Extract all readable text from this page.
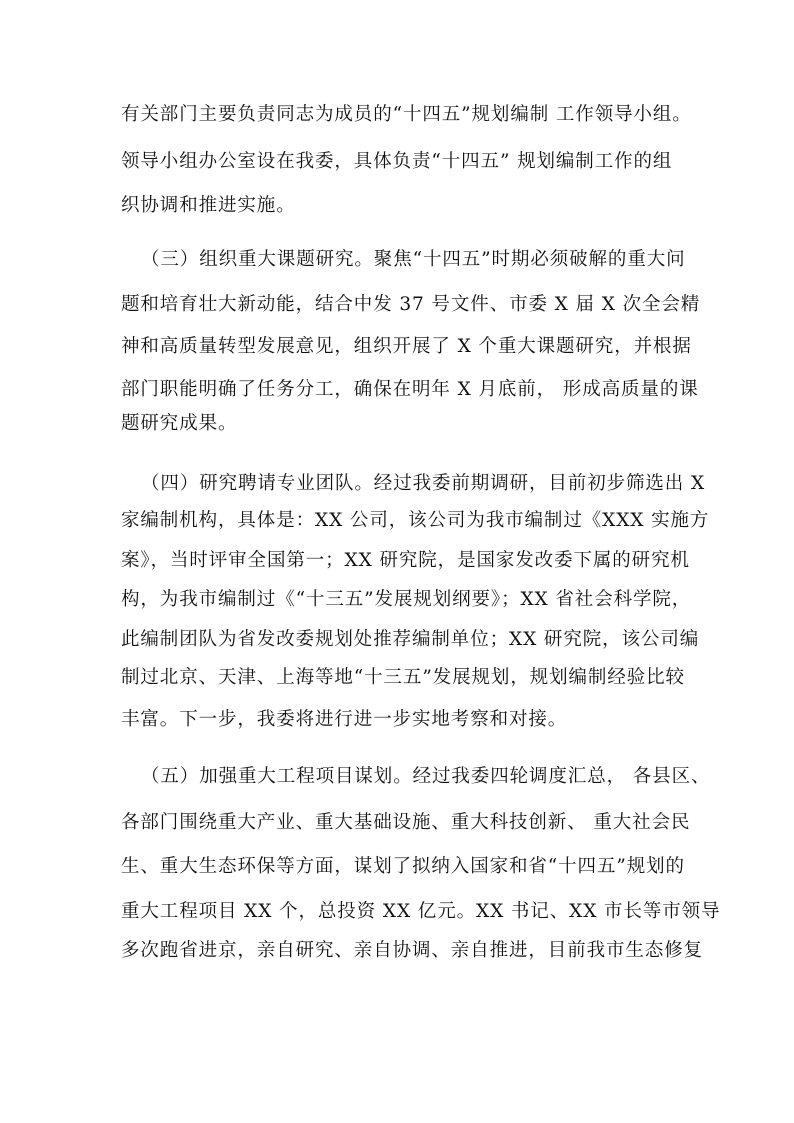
有关部门主要负责同志为成员的“十四五”规划编制 工作领导小组。
领导小组办公室设在我委，具体负责“十四五” 规划编制工作的组
织协调和推进实施。
（三）组织重大课题研究。聚焦“十四五”时期必须破解的重大问
题和培育壮大新动能，结合中发 37 号文件、市委 X 届 X 次全会精
神和高质量转型发展意见，组织开展了 X 个重大课题研究，并根据
部门职能明确了任务分工，确保在明年 X 月底前， 形成高质量的课
题研究成果。
（四）研究聘请专业团队。经过我委前期调研，目前初步筛选出 X
家编制机构，具体是：XX 公司，该公司为我市编制过《XXX 实施方
案》，当时评审全国第一；XX 研究院，是国家发改委下属的研究机
构，为我市编制过《“十三五”发展规划纲要》；XX 省社会科学院，
此编制团队为省发改委规划处推荐编制单位；XX 研究院，该公司编
制过北京、天津、上海等地“十三五”发展规划，规划编制经验比较
丰富。下一步，我委将进行进一步实地考察和对接。
（五）加强重大工程项目谋划。经过我委四轮调度汇总， 各县区、
各部门围绕重大产业、重大基础设施、重大科技创新、 重大社会民
生、重大生态环保等方面，谋划了拟纳入国家和省“十四五”规划的
重大工程项目 XX 个，总投资 XX 亿元。XX 书记、XX 市长等市领导
多次跑省进京，亲自研究、亲自协调、亲自推进，目前我市生态修复
